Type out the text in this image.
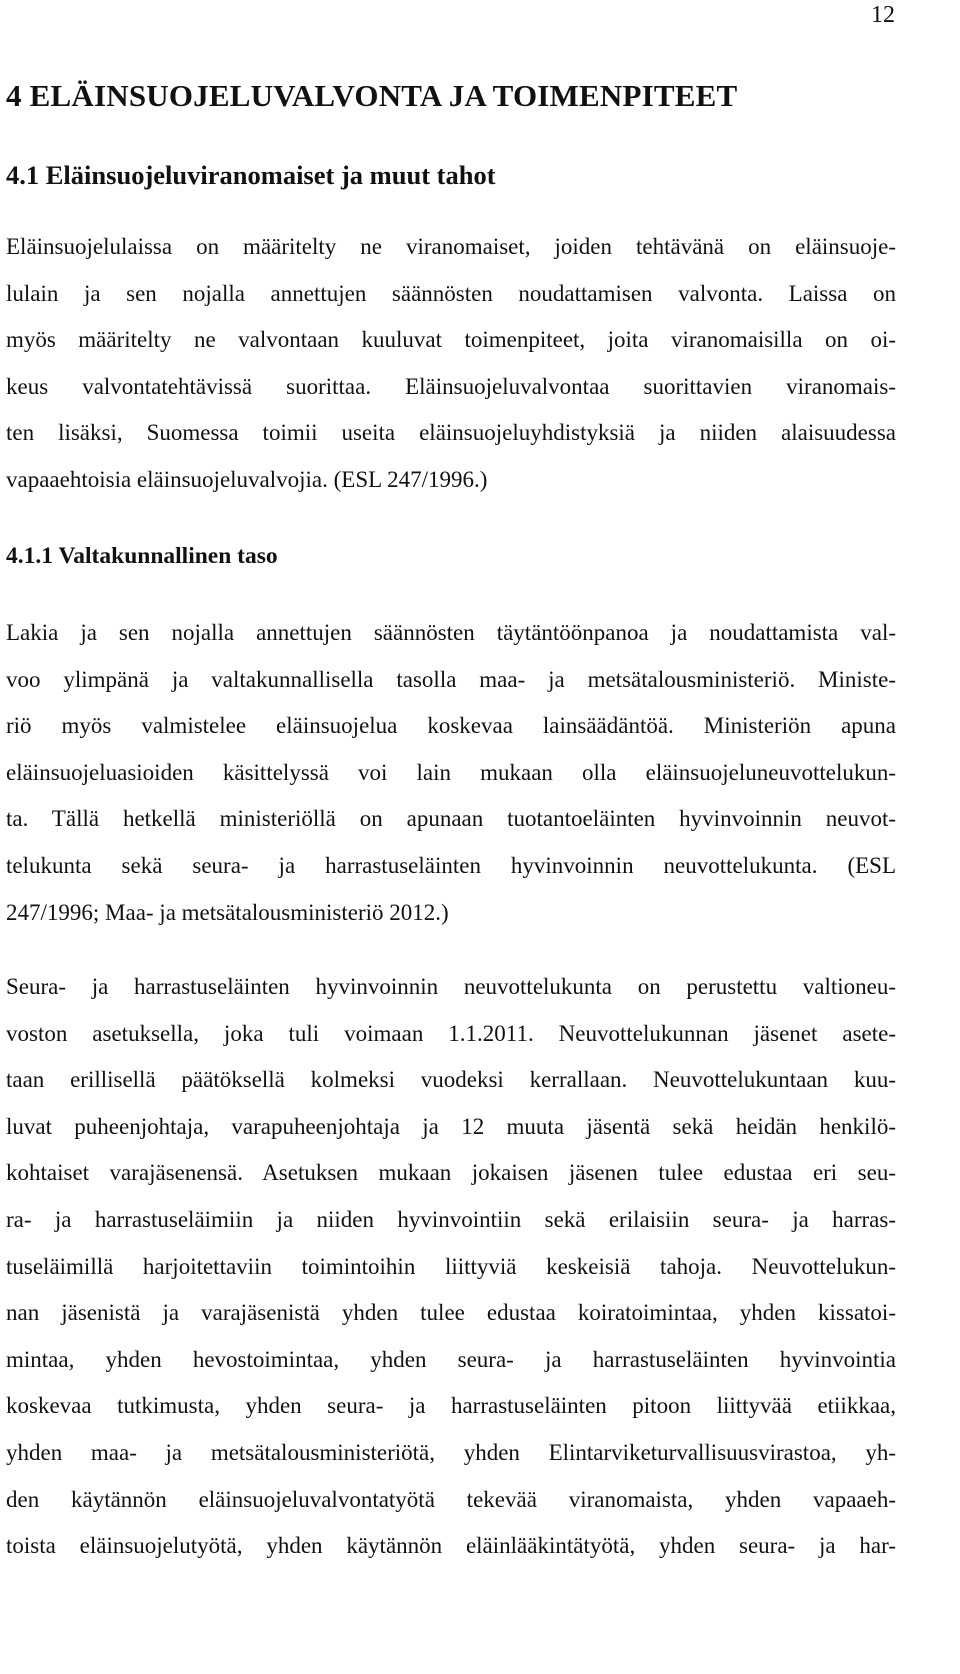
12
4 ELÄINSUOJELUVALVONTA JA TOIMENPITEET
4.1 Eläinsuojeluviranomaiset ja muut tahot

Eläinsuojelulaissa on määritelty ne viranomaiset, joiden tehtävänä on eläinsuoje-
lulain ja sen nojalla annettujen säännösten noudattamisen valvonta. Laissa on
myös määritelty ne valvontaan kuuluvat toimenpiteet, joita viranomaisilla on oi-
keus valvontatehtävissä suorittaa. Eläinsuojeluvalvontaa suorittavien viranomais-
ten lisäksi, Suomessa toimii useita eläinsuojeluyhdistyksiä ja niiden alaisuudessa
vapaaehtoisia eläinsuojeluvalvojia. (ESL 247/1996.)

4.1.1 Valtakunnallinen taso

Lakia ja sen nojalla annettujen säännösten täytäntöönpanoa ja noudattamista val-
voo ylimpänä ja valtakunnallisella tasolla maa- ja metsätalousministeriö. Ministe-
riö myös valmistelee eläinsuojelua koskevaa lainsäädäntöä. Ministeriön apuna
eläinsuojeluasioiden käsittelyssä voi lain mukaan olla eläinsuojeluneuvottelukun-
ta. Tällä hetkellä ministeriöllä on apunaan tuotantoeläinten hyvinvoinnin neuvot-
telukunta sekä seura- ja harrastuseläinten hyvinvoinnin neuvottelukunta. (ESL
247/1996; Maa- ja metsätalousministeriö 2012.)

Seura- ja harrastuseläinten hyvinvoinnin neuvottelukunta on perustettu valtioneu-
voston asetuksella, joka tuli voimaan 1.1.2011. Neuvottelukunnan jäsenet asete-
taan erillisellä päätöksellä kolmeksi vuodeksi kerrallaan. Neuvottelukuntaan kuu-
luvat puheenjohtaja, varapuheenjohtaja ja 12 muuta jäsentä sekä heidän henkilö-
kohtaiset varajäsenensä. Asetuksen mukaan jokaisen jäsenen tulee edustaa eri seu-
ra- ja harrastuseläimiin ja niiden hyvinvointiin sekä erilaisiin seura- ja harras-
tuseläimillä harjoitettaviin toimintoihin liittyviä keskeisiä tahoja. Neuvottelukun-
nan jäsenistä ja varajäsenistä yhden tulee edustaa koiratoimintaa, yhden kissatoi-
mintaa, yhden hevostoimintaa, yhden seura- ja harrastuseläinten hyvinvointia
koskevaa tutkimusta, yhden seura- ja harrastuseläinten pitoon liittyvää etiikkaa,
yhden maa- ja metsätalousministeriötä, yhden Elintarviketurvallisuusvirastoa, yh-
den käytännön eläinsuojeluvalvontatyötä tekevää viranomaista, yhden vapaaeh-
toista eläinsuojelutyötä, yhden käytännön eläinlääkintätyötä, yhden seura- ja har-
